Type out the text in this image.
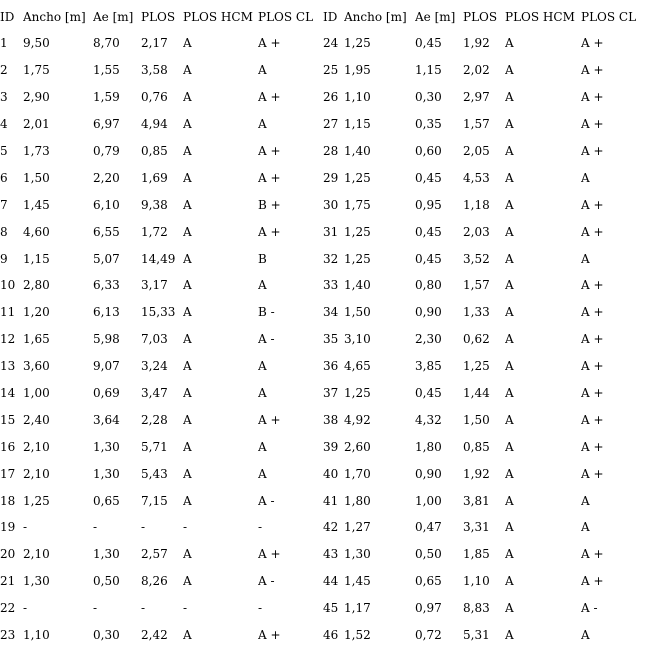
ID	Ancho [m]	Ae [m]	PLOS	PLOS HCM	PLOS CL	ID	Ancho [m]	Ae [m]	PLOS	PLOS HCM	PLOS CL
1	9,50	8,70	2,17	A	A +	24	1,25	0,45	1,92	A	A +
2	1,75	1,55	3,58	A	A	25	1,95	1,15	2,02	A	A +
3	2,90	1,59	0,76	A	A +	26	1,10	0,30	2,97	A	A +
4	2,01	6,97	4,94	A	A	27	1,15	0,35	1,57	A	A +
5	1,73	0,79	0,85	A	A +	28	1,40	0,60	2,05	A	A +
6	1,50	2,20	1,69	A	A +	29	1,25	0,45	4,53	A	A
7	1,45	6,10	9,38	A	B +	30	1,75	0,95	1,18	A	A +
8	4,60	6,55	1,72	A	A +	31	1,25	0,45	2,03	A	A +
9	1,15	5,07	14,49	A	B	32	1,25	0,45	3,52	A	A
10	2,80	6,33	3,17	A	A	33	1,40	0,80	1,57	A	A +
11	1,20	6,13	15,33	A	B -	34	1,50	0,90	1,33	A	A +
12	1,65	5,98	7,03	A	A -	35	3,10	2,30	0,62	A	A +
13	3,60	9,07	3,24	A	A	36	4,65	3,85	1,25	A	A +
14	1,00	0,69	3,47	A	A	37	1,25	0,45	1,44	A	A +
15	2,40	3,64	2,28	A	A +	38	4,92	4,32	1,50	A	A +
16	2,10	1,30	5,71	A	A	39	2,60	1,80	0,85	A	A +
17	2,10	1,30	5,43	A	A	40	1,70	0,90	1,92	A	A +
18	1,25	0,65	7,15	A	A -	41	1,80	1,00	3,81	A	A
19	-	-	-	-	-	42	1,27	0,47	3,31	A	A
20	2,10	1,30	2,57	A	A +	43	1,30	0,50	1,85	A	A +
21	1,30	0,50	8,26	A	A -	44	1,45	0,65	1,10	A	A +
22	-	-	-	-	-	45	1,17	0,97	8,83	A	A -
23	1,10	0,30	2,42	A	A +	46	1,52	0,72	5,31	A	A
